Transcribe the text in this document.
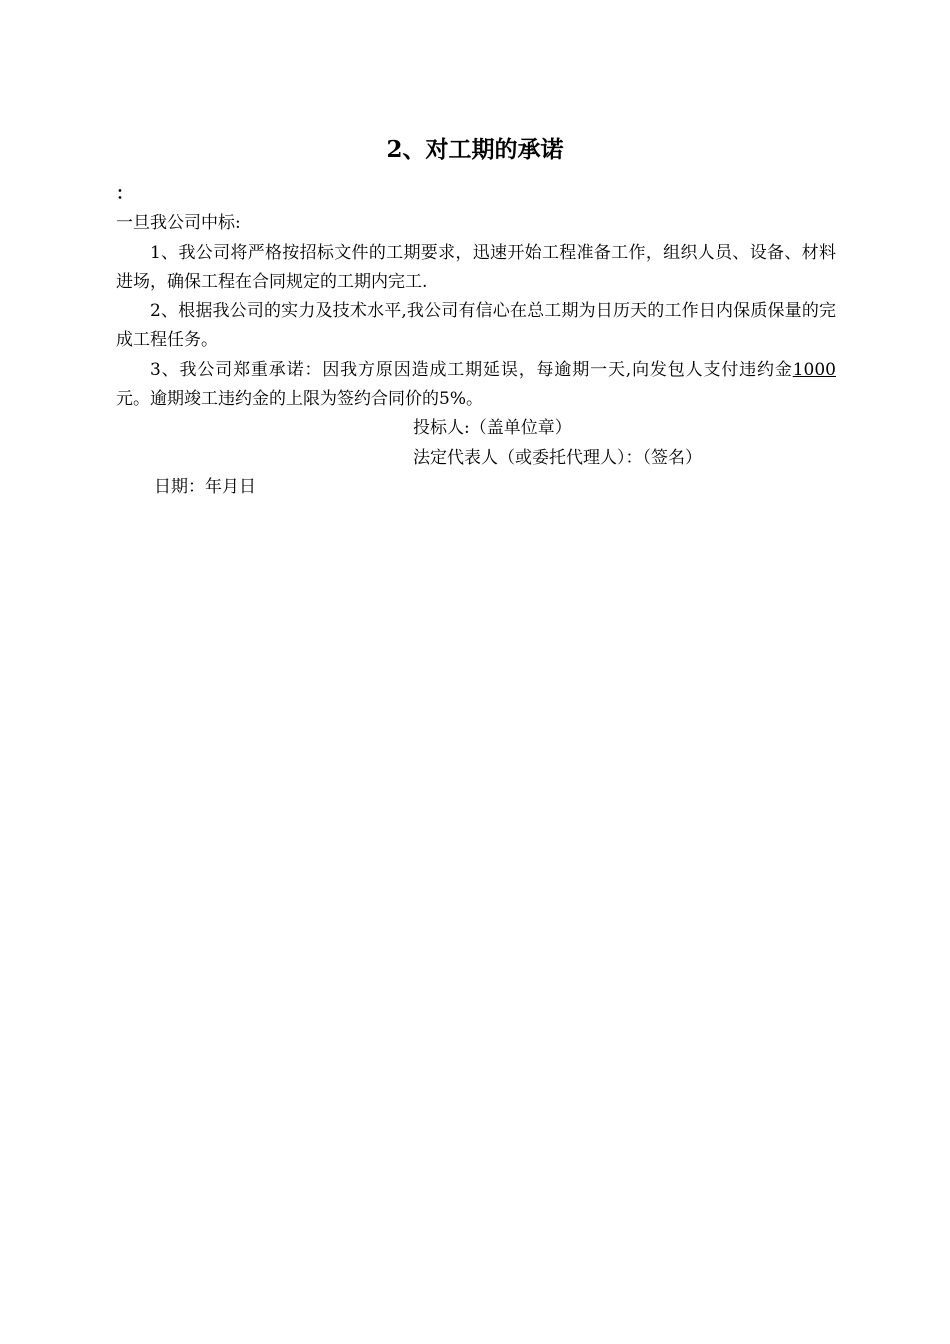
2、对工期的承诺
：
一旦我公司中标:
1、我公司将严格按招标文件的工期要求，迅速开始工程准备工作，组织人员、设备、材料进场，确保工程在合同规定的工期内完工.
2、根据我公司的实力及技术水平,我公司有信心在总工期为日历天的工作日内保质保量的完成工程任务。
3、我公司郑重承诺：因我方原因造成工期延误，每逾期一天,向发包人支付违约金1000元。逾期竣工违约金的上限为签约合同价的5%。
投标人:（盖单位章）
法定代表人（或委托代理人）：（签名）
日期：年月日
